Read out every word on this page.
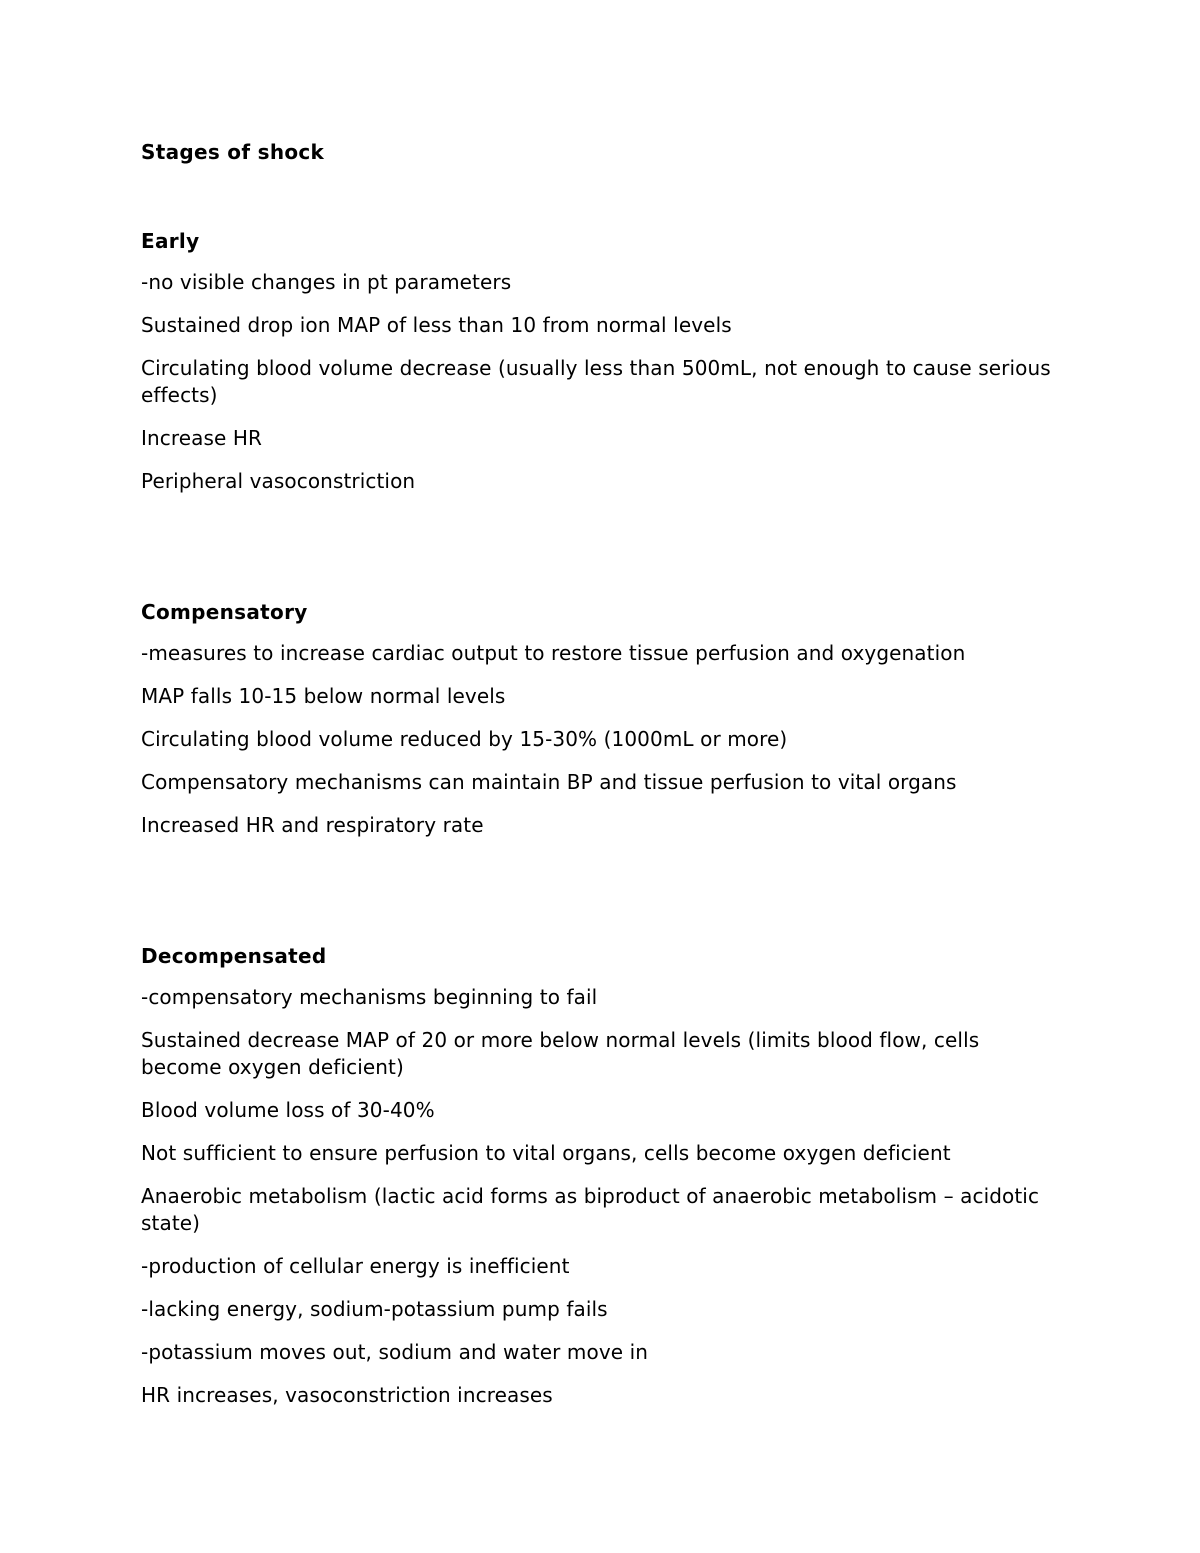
Stages of shock
Early
-no visible changes in pt parameters
Sustained drop ion MAP of less than 10 from normal levels
Circulating blood volume decrease (usually less than 500mL, not enough to cause serious effects)
Increase HR
Peripheral vasoconstriction
Compensatory
-measures to increase cardiac output to restore tissue perfusion and oxygenation
MAP falls 10-15 below normal levels
Circulating blood volume reduced by 15-30% (1000mL or more)
Compensatory mechanisms can maintain BP and tissue perfusion to vital organs
Increased HR and respiratory rate
Decompensated
-compensatory mechanisms beginning to fail
Sustained decrease MAP of 20 or more below normal levels (limits blood flow, cells become oxygen deficient)
Blood volume loss of 30-40%
Not sufficient to ensure perfusion to vital organs, cells become oxygen deficient
Anaerobic metabolism (lactic acid forms as biproduct of anaerobic metabolism – acidotic state)
-production of cellular energy is inefficient
-lacking energy, sodium-potassium pump fails
-potassium moves out, sodium and water move in
HR increases, vasoconstriction increases
